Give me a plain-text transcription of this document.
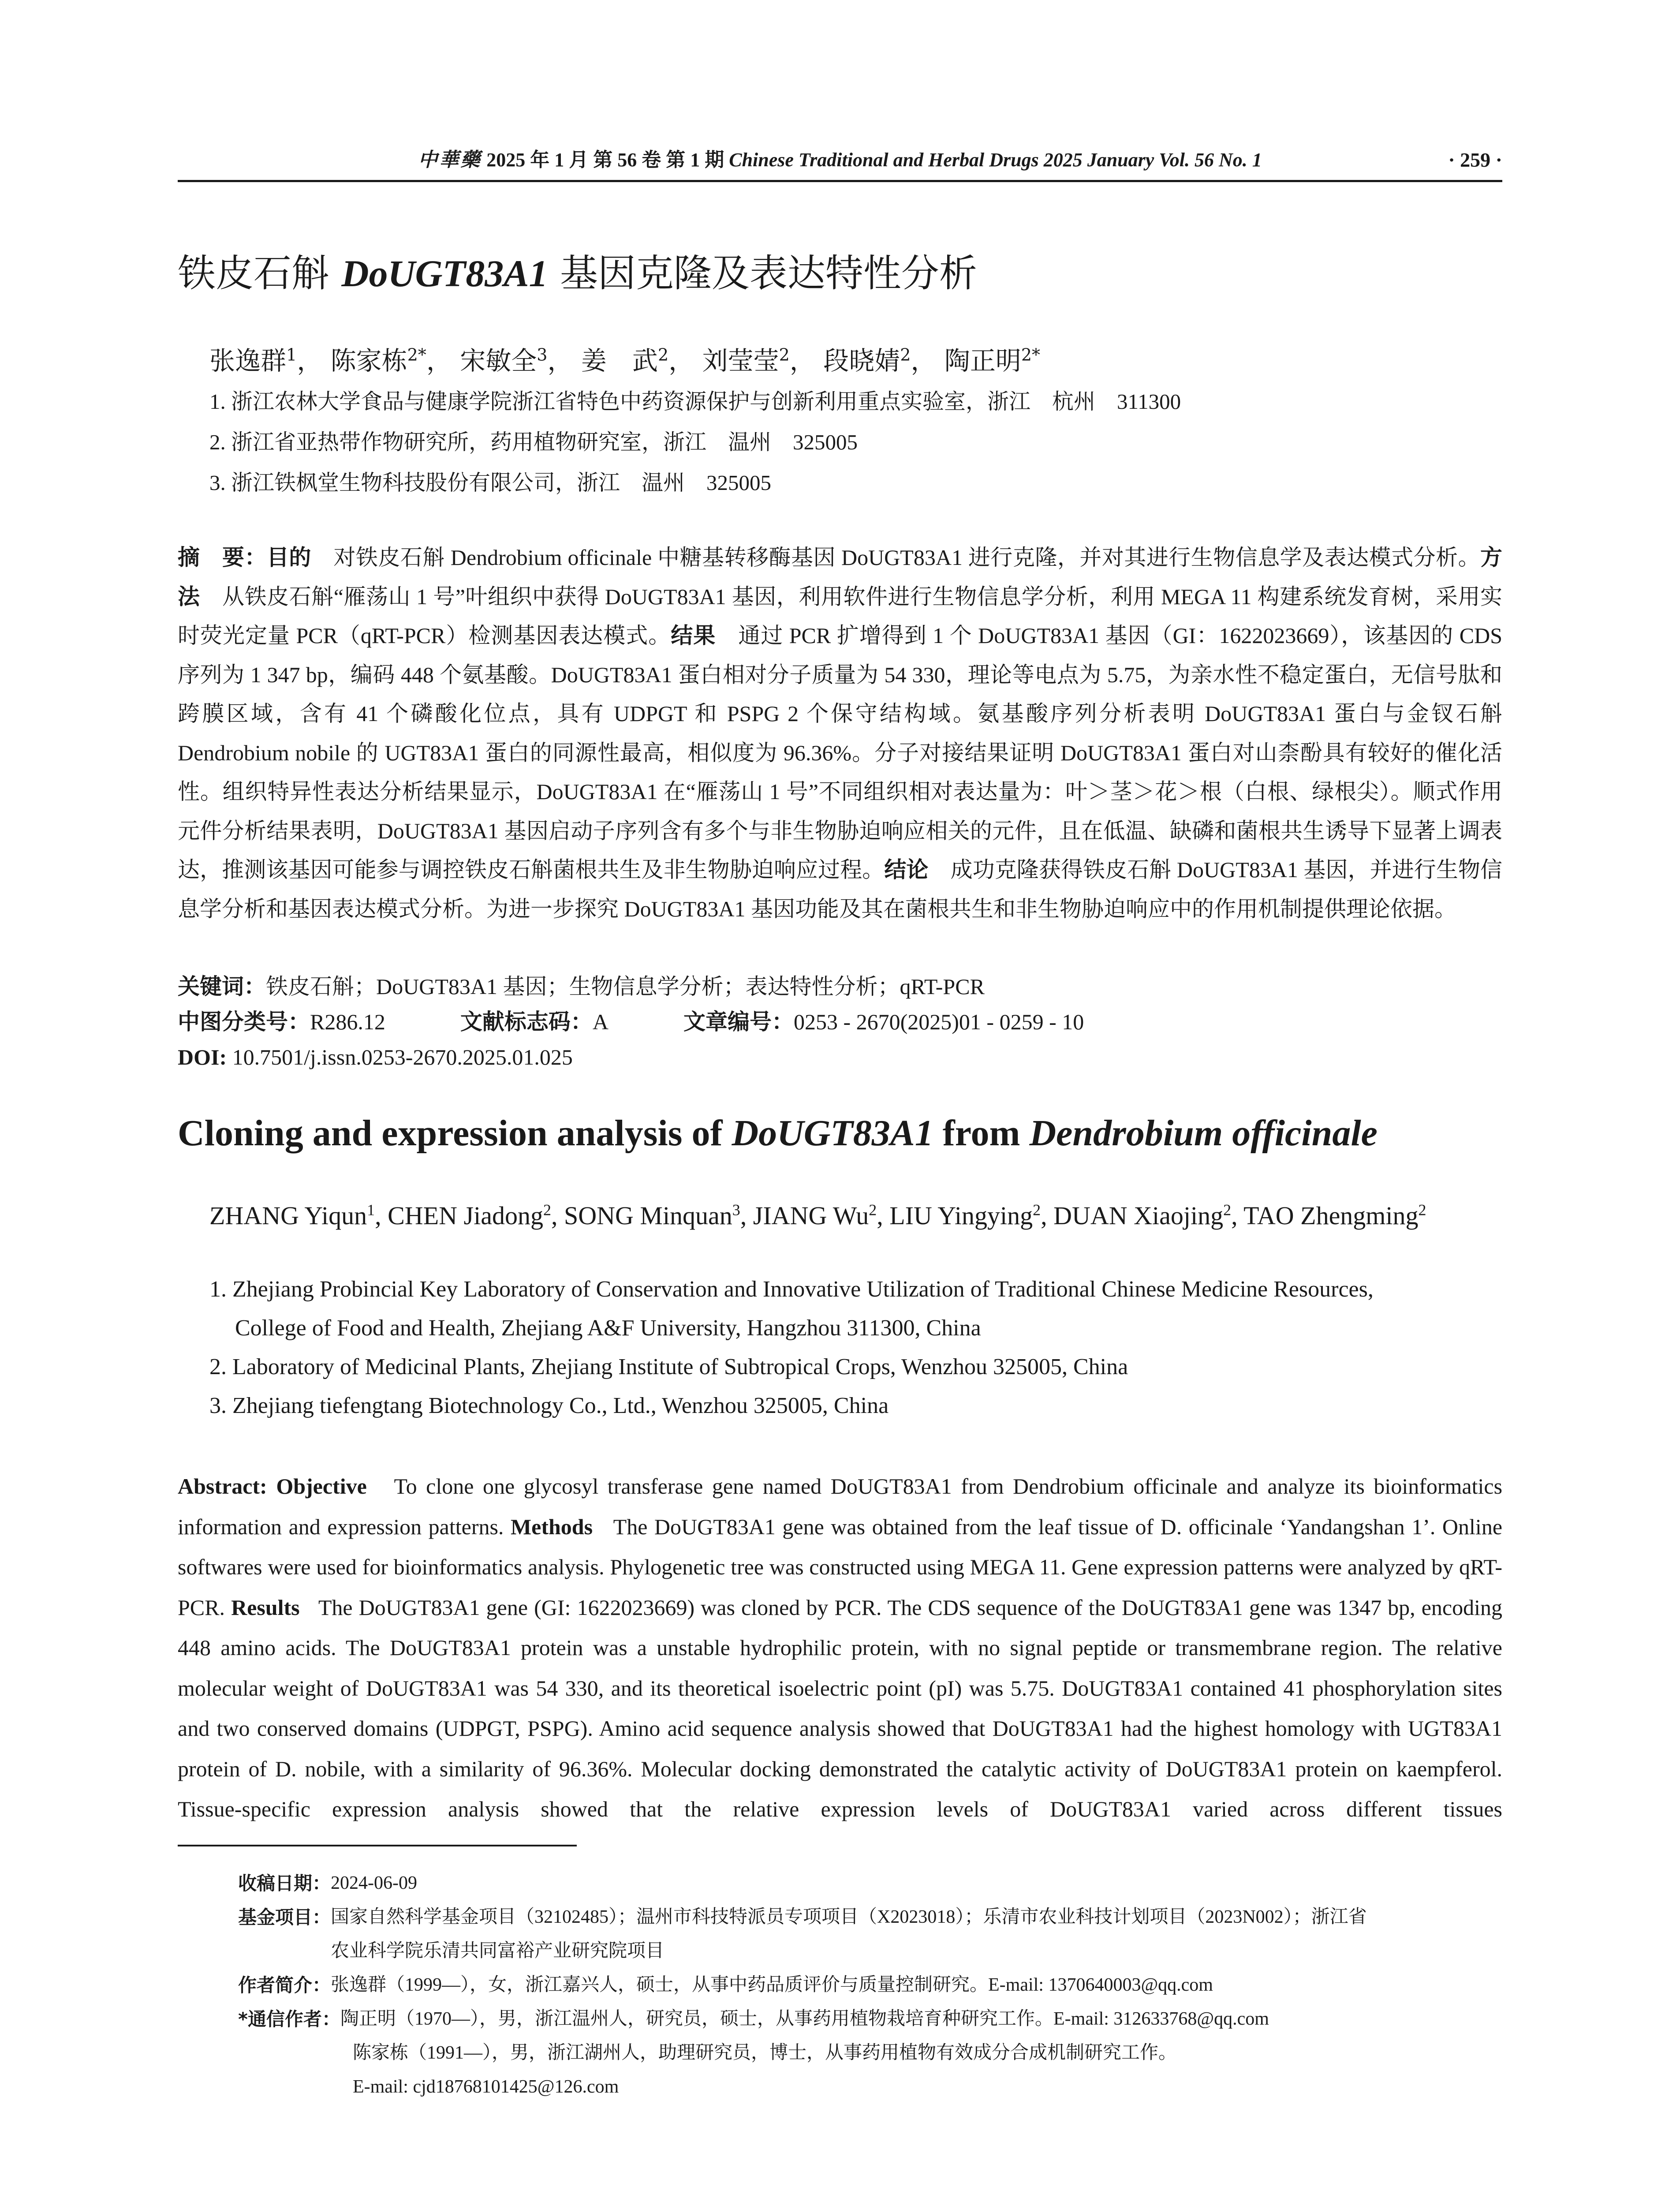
中華藥 2025 年 1 月 第 56 卷 第 1 期 Chinese Traditional and Herbal Drugs 2025 January Vol. 56 No. 1	· 259 ·
铁皮石斛 DoUGT83A1 基因克隆及表达特性分析
张逸群$^1$， 陈家栋$^{2*}$， 宋敏全$^3$， 姜　武$^2$， 刘莹莹$^2$， 段晓婧$^2$， 陶正明$^{2*}$
1. 浙江农林大学食品与健康学院浙江省特色中药资源保护与创新利用重点实验室，浙江　杭州　311300
2. 浙江省亚热带作物研究所，药用植物研究室，浙江　温州　325005
3. 浙江铁枫堂生物科技股份有限公司，浙江　温州　325005

摘　要：目的　对铁皮石斛 Dendrobium officinale 中糖基转移酶基因 DoUGT83A1 进行克隆，并对其进行生物信息学及表达模式分析。方法　从铁皮石斛“雁荡山 1 号”叶组织中获得 DoUGT83A1 基因，利用软件进行生物信息学分析，利用 MEGA 11 构建系统发育树，采用实时荧光定量 PCR（qRT-PCR）检测基因表达模式。结果　通过 PCR 扩增得到 1 个 DoUGT83A1 基因（GI：1622023669），该基因的 CDS 序列为 1 347 bp，编码 448 个氨基酸。DoUGT83A1 蛋白相对分子质量为 54 330，理论等电点为 5.75，为亲水性不稳定蛋白，无信号肽和跨膜区域，含有 41 个磷酸化位点，具有 UDPGT 和 PSPG 2 个保守结构域。氨基酸序列分析表明 DoUGT83A1 蛋白与金钗石斛 Dendrobium nobile 的 UGT83A1 蛋白的同源性最高，相似度为 96.36%。分子对接结果证明 DoUGT83A1 蛋白对山柰酚具有较好的催化活性。组织特异性表达分析结果显示，DoUGT83A1 在“雁荡山 1 号”不同组织相对表达量为：叶＞茎＞花＞根（白根、绿根尖）。顺式作用元件分析结果表明，DoUGT83A1 基因启动子序列含有多个与非生物胁迫响应相关的元件，且在低温、缺磷和菌根共生诱导下显著上调表达，推测该基因可能参与调控铁皮石斛菌根共生及非生物胁迫响应过程。结论　成功克隆获得铁皮石斛 DoUGT83A1 基因，并进行生物信息学分析和基因表达模式分析。为进一步探究 DoUGT83A1 基因功能及其在菌根共生和非生物胁迫响应中的作用机制提供理论依据。

关键词：铁皮石斛；DoUGT83A1 基因；生物信息学分析；表达特性分析；qRT-PCR
中图分类号：R286.12	文献标志码：A	文章编号：0253 - 2670(2025)01 - 0259 - 10
DOI: 10.7501/j.issn.0253-2670.2025.01.025
Cloning and expression analysis of DoUGT83A1 from Dendrobium officinale
ZHANG Yiqun$^1$, CHEN Jiadong$^2$, SONG Minquan$^3$, JIANG Wu$^2$, LIU Yingying$^2$, DUAN Xiaojing$^2$, TAO Zhengming$^2$
1. Zhejiang Probincial Key Laboratory of Conservation and Innovative Utilization of Traditional Chinese Medicine Resources,
College of Food and Health, Zhejiang A&F University, Hangzhou 311300, China
2. Laboratory of Medicinal Plants, Zhejiang Institute of Subtropical Crops, Wenzhou 325005, China
3. Zhejiang tiefengtang Biotechnology Co., Ltd., Wenzhou 325005, China

Abstract: Objective To clone one glycosyl transferase gene named DoUGT83A1 from Dendrobium officinale and analyze its bioinformatics information and expression patterns. Methods The DoUGT83A1 gene was obtained from the leaf tissue of D. officinale ‘Yandangshan 1’. Online softwares were used for bioinformatics analysis. Phylogenetic tree was constructed using MEGA 11. Gene expression patterns were analyzed by qRT-PCR. Results The DoUGT83A1 gene (GI: 1622023669) was cloned by PCR. The CDS sequence of the DoUGT83A1 gene was 1347 bp, encoding 448 amino acids. The DoUGT83A1 protein was a unstable hydrophilic protein, with no signal peptide or transmembrane region. The relative molecular weight of DoUGT83A1 was 54 330, and its theoretical isoelectric point (pI) was 5.75. DoUGT83A1 contained 41 phosphorylation sites and two conserved domains (UDPGT, PSPG). Amino acid sequence analysis showed that DoUGT83A1 had the highest homology with UGT83A1 protein of D. nobile, with a similarity of 96.36%. Molecular docking demonstrated the catalytic activity of DoUGT83A1 protein on kaempferol. Tissue-specific expression analysis showed that the relative expression levels of DoUGT83A1 varied across different tissues

收稿日期： 2024-06-09
基金项目： 国家自然科学基金项目（32102485）；温州市科技特派员专项项目（X2023018）；乐清市农业科技计划项目（2023N002）；浙江省
农业科学院乐清共同富裕产业研究院项目
作者简介： 张逸群（1999—），女，浙江嘉兴人，硕士，从事中药品质评价与质量控制研究。E-mail: 1370640003@qq.com
*通信作者： 陶正明（1970—），男，浙江温州人，研究员，硕士，从事药用植物栽培育种研究工作。E-mail: 312633768@qq.com
陈家栋（1991—），男，浙江湖州人，助理研究员，博士，从事药用植物有效成分合成机制研究工作。
E-mail: cjd18768101425@126.com
